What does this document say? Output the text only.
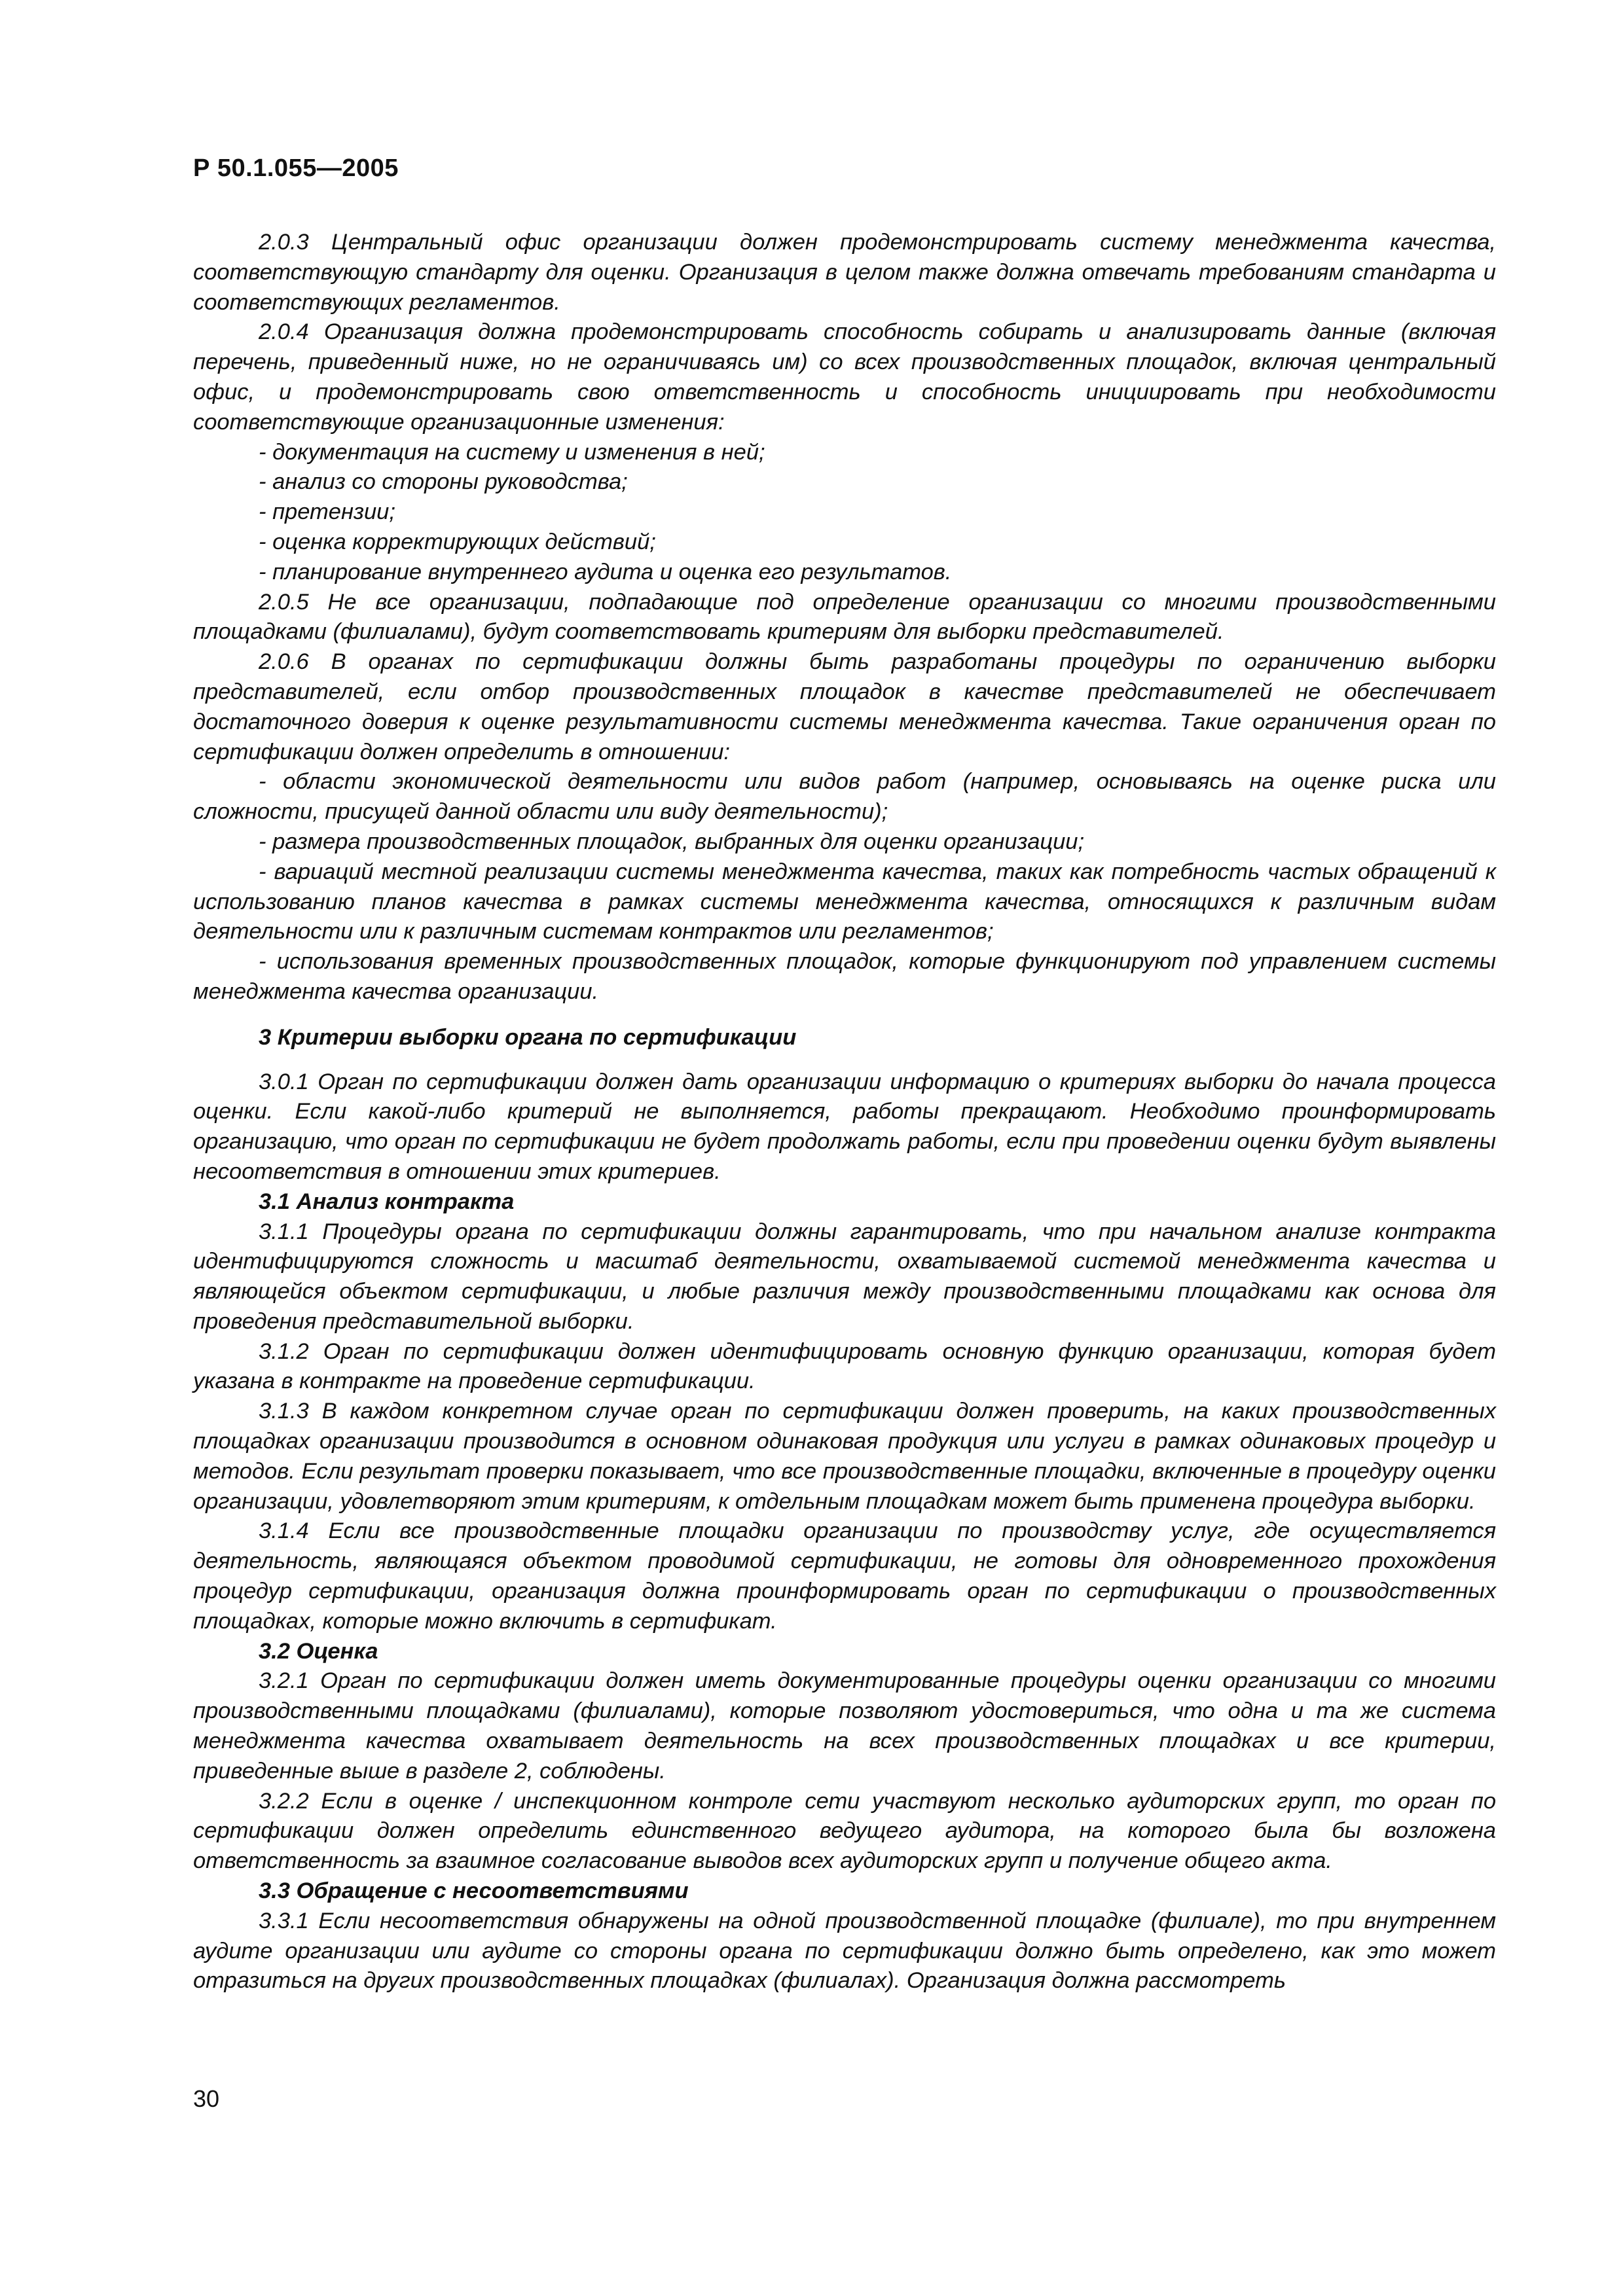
Р 50.1.055—2005

2.0.3 Центральный офис организации должен продемонстрировать систему менеджмента качества, соответствующую стандарту для оценки. Организация в целом также должна отвечать требованиям стандарта и соответствующих регламентов.

2.0.4 Организация должна продемонстрировать способность собирать и анализировать данные (включая перечень, приведенный ниже, но не ограничиваясь им) со всех производственных площадок, включая центральный офис, и продемонстрировать свою ответственность и способность инициировать при необходимости соответствующие организационные изменения:

- документация на систему и изменения в ней;

- анализ со стороны руководства;

- претензии;

- оценка корректирующих действий;

- планирование внутреннего аудита и оценка его результатов.

2.0.5 Не все организации, подпадающие под определение организации со многими производственными площадками (филиалами), будут соответствовать критериям для выборки представителей.

2.0.6 В органах по сертификации должны быть разработаны процедуры по ограничению выборки представителей, если отбор производственных площадок в качестве представителей не обеспечивает достаточного доверия к оценке результативности системы менеджмента качества. Такие ограничения орган по сертификации должен определить в отношении:

- области экономической деятельности или видов работ (например, основываясь на оценке риска или сложности, присущей данной области или виду деятельности);

- размера производственных площадок, выбранных для оценки организации;

- вариаций местной реализации системы менеджмента качества, таких как потребность частых обращений к использованию планов качества в рамках системы менеджмента качества, относящихся к различным видам деятельности или к различным системам контрактов или регламентов;

- использования временных производственных площадок, которые функционируют под управлением системы менеджмента качества организации.

3 Критерии выборки органа по сертификации

3.0.1 Орган по сертификации должен дать организации информацию о критериях выборки до начала процесса оценки. Если какой-либо критерий не выполняется, работы прекращают. Необходимо проинформировать организацию, что орган по сертификации не будет продолжать работы, если при проведении оценки будут выявлены несоответствия в отношении этих критериев.

3.1 Анализ контракта

3.1.1 Процедуры органа по сертификации должны гарантировать, что при начальном анализе контракта идентифицируются сложность и масштаб деятельности, охватываемой системой менеджмента качества и являющейся объектом сертификации, и любые различия между производственными площадками как основа для проведения представительной выборки.

3.1.2 Орган по сертификации должен идентифицировать основную функцию организации, которая будет указана в контракте на проведение сертификации.

3.1.3 В каждом конкретном случае орган по сертификации должен проверить, на каких производственных площадках организации производится в основном одинаковая продукция или услуги в рамках одинаковых процедур и методов. Если результат проверки показывает, что все производственные площадки, включенные в процедуру оценки организации, удовлетворяют этим критериям, к отдельным площадкам может быть применена процедура выборки.

3.1.4 Если все производственные площадки организации по производству услуг, где осуществляется деятельность, являющаяся объектом проводимой сертификации, не готовы для одновременного прохождения процедур сертификации, организация должна проинформировать орган по сертификации о производственных площадках, которые можно включить в сертификат.

3.2 Оценка

3.2.1 Орган по сертификации должен иметь документированные процедуры оценки организации со многими производственными площадками (филиалами), которые позволяют удостовериться, что одна и та же система менеджмента качества охватывает деятельность на всех производственных площадках и все критерии, приведенные выше в разделе 2, соблюдены.

3.2.2 Если в оценке / инспекционном контроле сети участвуют несколько аудиторских групп, то орган по сертификации должен определить единственного ведущего аудитора, на которого была бы возложена ответственность за взаимное согласование выводов всех аудиторских групп и получение общего акта.

3.3 Обращение с несоответствиями

3.3.1 Если несоответствия обнаружены на одной производственной площадке (филиале), то при внутреннем аудите организации или аудите со стороны органа по сертификации должно быть определено, как это может отразиться на других производственных площадках (филиалах). Организация должна рассмотреть

30
